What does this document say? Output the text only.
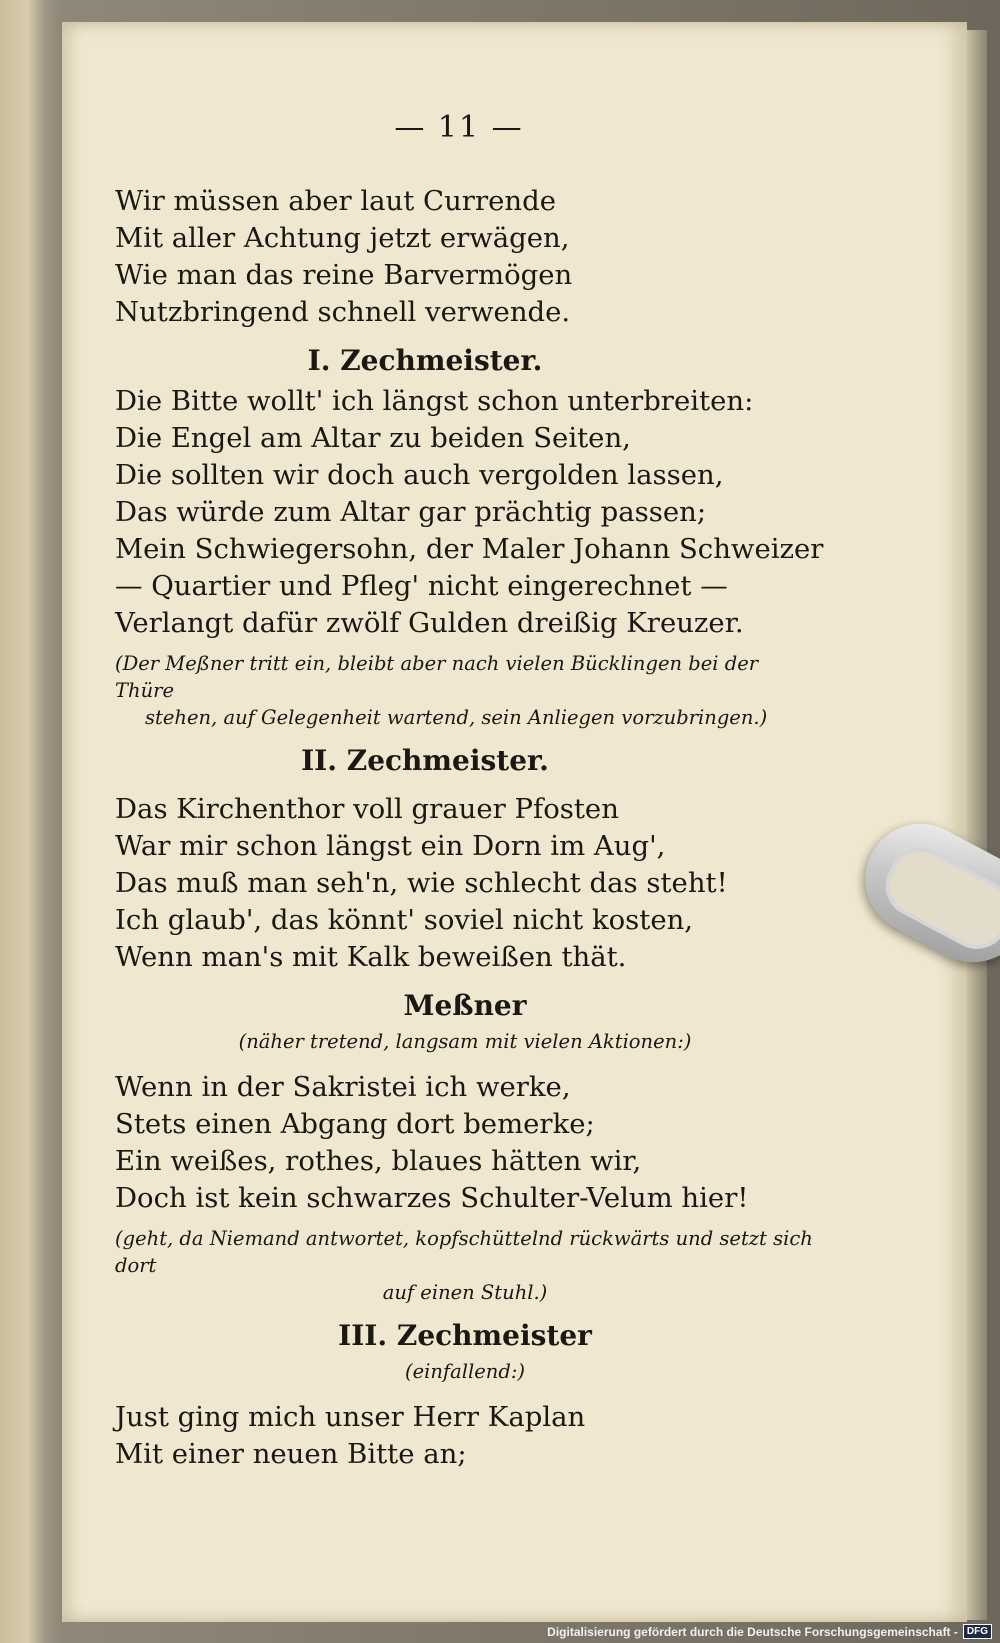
— 11 —
Wir müssen aber laut Currende
Mit aller Achtung jetzt erwägen,
Wie man das reine Barvermögen
Nutzbringend schnell verwende.
I. Zechmeister.
Die Bitte wollt' ich längst schon unterbreiten:
Die Engel am Altar zu beiden Seiten,
Die sollten wir doch auch vergolden lassen,
Das würde zum Altar gar prächtig passen;
Mein Schwiegersohn, der Maler Johann Schweizer
— Quartier und Pfleg' nicht eingerechnet —
Verlangt dafür zwölf Gulden dreißig Kreuzer.
(Der Meßner tritt ein, bleibt aber nach vielen Bücklingen bei der Thüre
stehen, auf Gelegenheit wartend, sein Anliegen vorzubringen.)
II. Zechmeister.
Das Kirchenthor voll grauer Pfosten
War mir schon längst ein Dorn im Aug',
Das muß man seh'n, wie schlecht das steht!
Ich glaub', das könnt' soviel nicht kosten,
Wenn man's mit Kalk beweißen thät.
Meßner
(näher tretend, langsam mit vielen Aktionen:)
Wenn in der Sakristei ich werke,
Stets einen Abgang dort bemerke;
Ein weißes, rothes, blaues hätten wir,
Doch ist kein schwarzes Schulter-Velum hier!
(geht, da Niemand antwortet, kopfschüttelnd rückwärts und setzt sich dort
auf einen Stuhl.)
III. Zechmeister
(einfallend:)
Just ging mich unser Herr Kaplan
Mit einer neuen Bitte an;
Digitalisierung gefördert durch die Deutsche Forschungsgemeinschaft - DFG
